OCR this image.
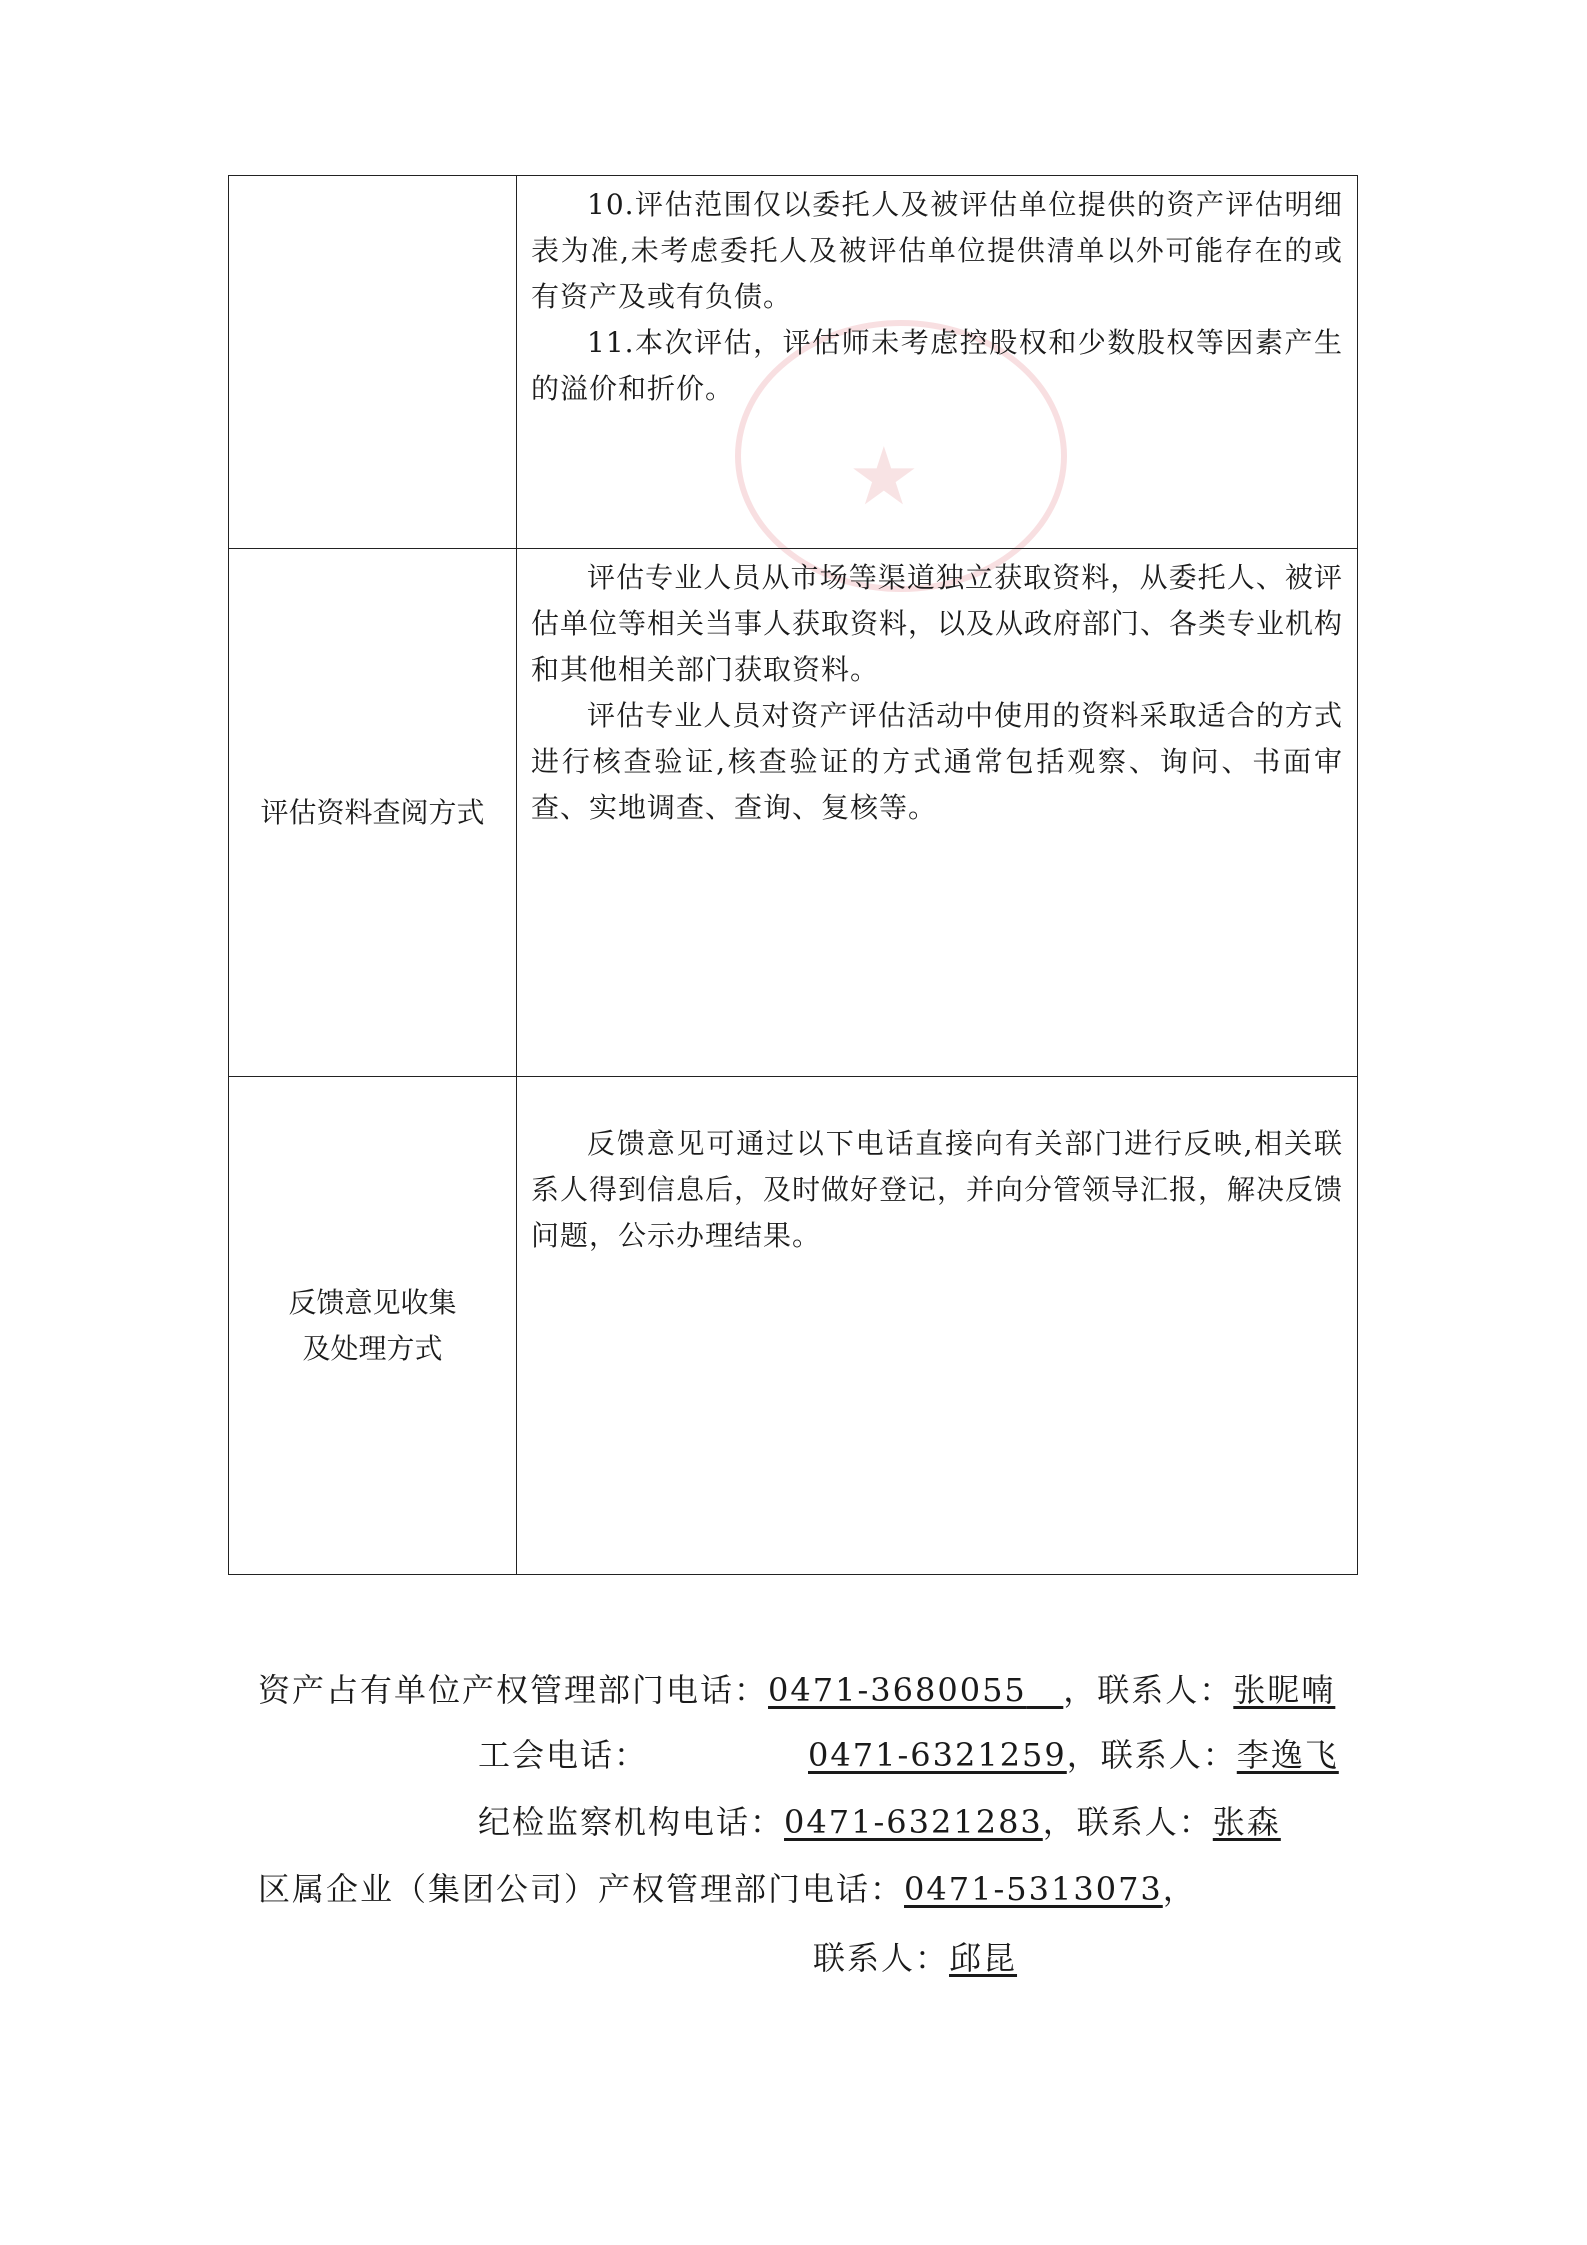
★

	10.评估范围仅以委托人及被评估单位提供的资产评估明细表为准,未考虑委托人及被评估单位提供清单以外可能存在的或有资产及或有负债。

11.本次评估，评估师未考虑控股权和少数股权等因素产生的溢价和折价。

评估资料查阅方式	评估专业人员从市场等渠道独立获取资料，从委托人、被评估单位等相关当事人获取资料，以及从政府部门、各类专业机构和其他相关部门获取资料。

评估专业人员对资产评估活动中使用的资料采取适合的方式进行核查验证,核查验证的方式通常包括观察、询问、书面审查、实地调查、查询、复核等。

反馈意见收集
及处理方式	反馈意见可通过以下电话直接向有关部门进行反映,相关联系人得到信息后，及时做好登记，并向分管领导汇报，解决反馈问题，公示办理结果。

资产占有单位产权管理部门电话：0471-3680055 ，联系人：张昵喃
工会电话：	0471-6321259，联系人：李逸飞
纪检监察机构电话：0471-6321283，联系人：张森
区属企业（集团公司）产权管理部门电话：0471-5313073，
联系人：邱昆
